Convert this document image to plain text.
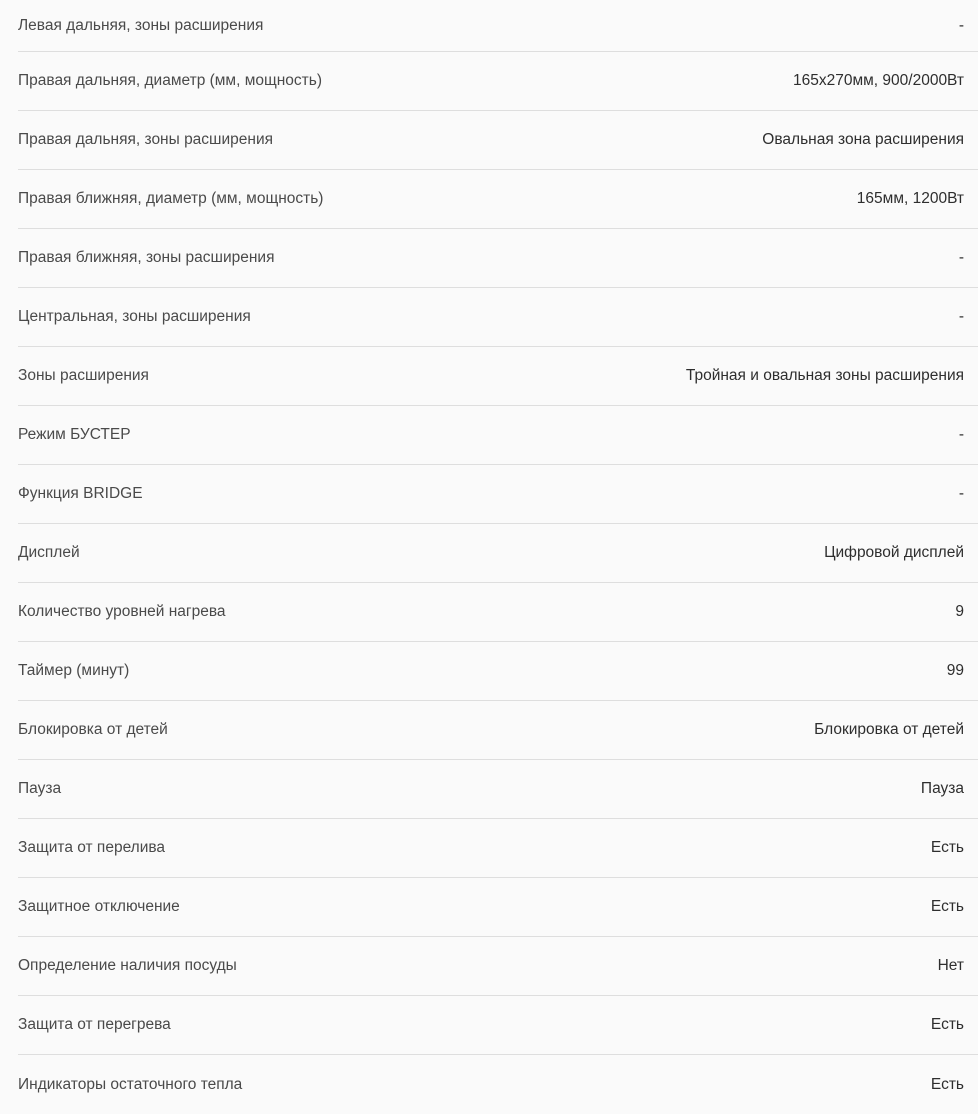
Левая дальняя, зоны расширения	-
Правая дальняя, диаметр (мм, мощность)	165x270мм, 900/2000Вт
Правая дальняя, зоны расширения	Овальная зона расширения
Правая ближняя, диаметр (мм, мощность)	165мм, 1200Вт
Правая ближняя, зоны расширения	-
Центральная, зоны расширения	-
Зоны расширения	Тройная и овальная зоны расширения
Режим БУСТЕР	-
Функция BRIDGE	-
Дисплей	Цифровой дисплей
Количество уровней нагрева	9
Таймер (минут)	99
Блокировка от детей	Блокировка от детей
Пауза	Пауза
Защита от перелива	Есть
Защитное отключение	Есть
Определение наличия посуды	Нет
Защита от перегрева	Есть
Индикаторы остаточного тепла	Есть
